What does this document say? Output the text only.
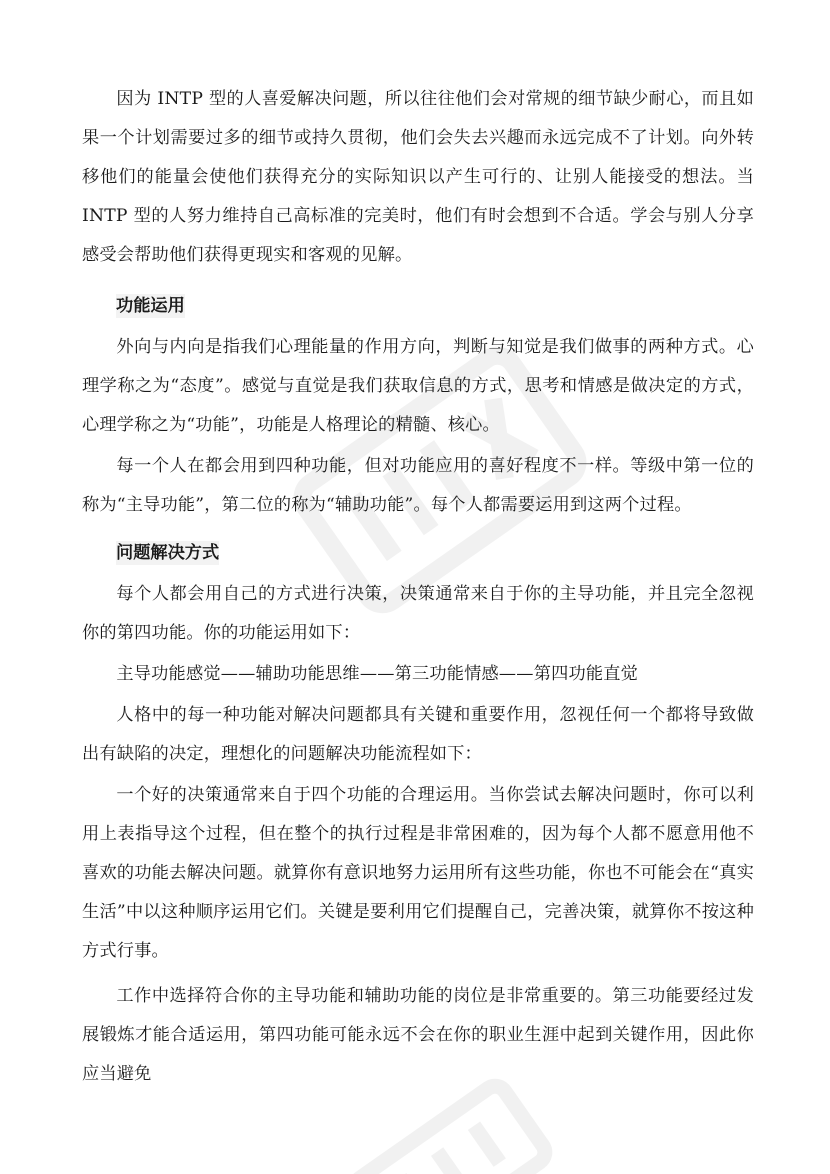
因为 INTP 型的人喜爱解决问题，所以往往他们会对常规的细节缺少耐心，而且如果一个计划需要过多的细节或持久贯彻，他们会失去兴趣而永远完成不了计划。向外转移他们的能量会使他们获得充分的实际知识以产生可行的、让别人能接受的想法。当 INTP 型的人努力维持自己高标准的完美时，他们有时会想到不合适。学会与别人分享感受会帮助他们获得更现实和客观的见解。

功能运用

外向与内向是指我们心理能量的作用方向，判断与知觉是我们做事的两种方式。心理学称之为“态度”。感觉与直觉是我们获取信息的方式，思考和情感是做决定的方式，心理学称之为“功能”，功能是人格理论的精髓、核心。

每一个人在都会用到四种功能，但对功能应用的喜好程度不一样。等级中第一位的称为“主导功能”，第二位的称为“辅助功能”。每个人都需要运用到这两个过程。

问题解决方式

每个人都会用自己的方式进行决策，决策通常来自于你的主导功能，并且完全忽视你的第四功能。你的功能运用如下：

主导功能感觉——辅助功能思维——第三功能情感——第四功能直觉

人格中的每一种功能对解决问题都具有关键和重要作用，忽视任何一个都将导致做出有缺陷的决定，理想化的问题解决功能流程如下：

一个好的决策通常来自于四个功能的合理运用。当你尝试去解决问题时，你可以利用上表指导这个过程，但在整个的执行过程是非常困难的，因为每个人都不愿意用他不喜欢的功能去解决问题。就算你有意识地努力运用所有这些功能，你也不可能会在“真实生活”中以这种顺序运用它们。关键是要利用它们提醒自己，完善决策，就算你不按这种方式行事。

工作中选择符合你的主导功能和辅助功能的岗位是非常重要的。第三功能要经过发展锻炼才能合适运用，第四功能可能永远不会在你的职业生涯中起到关键作用，因此你应当避免
